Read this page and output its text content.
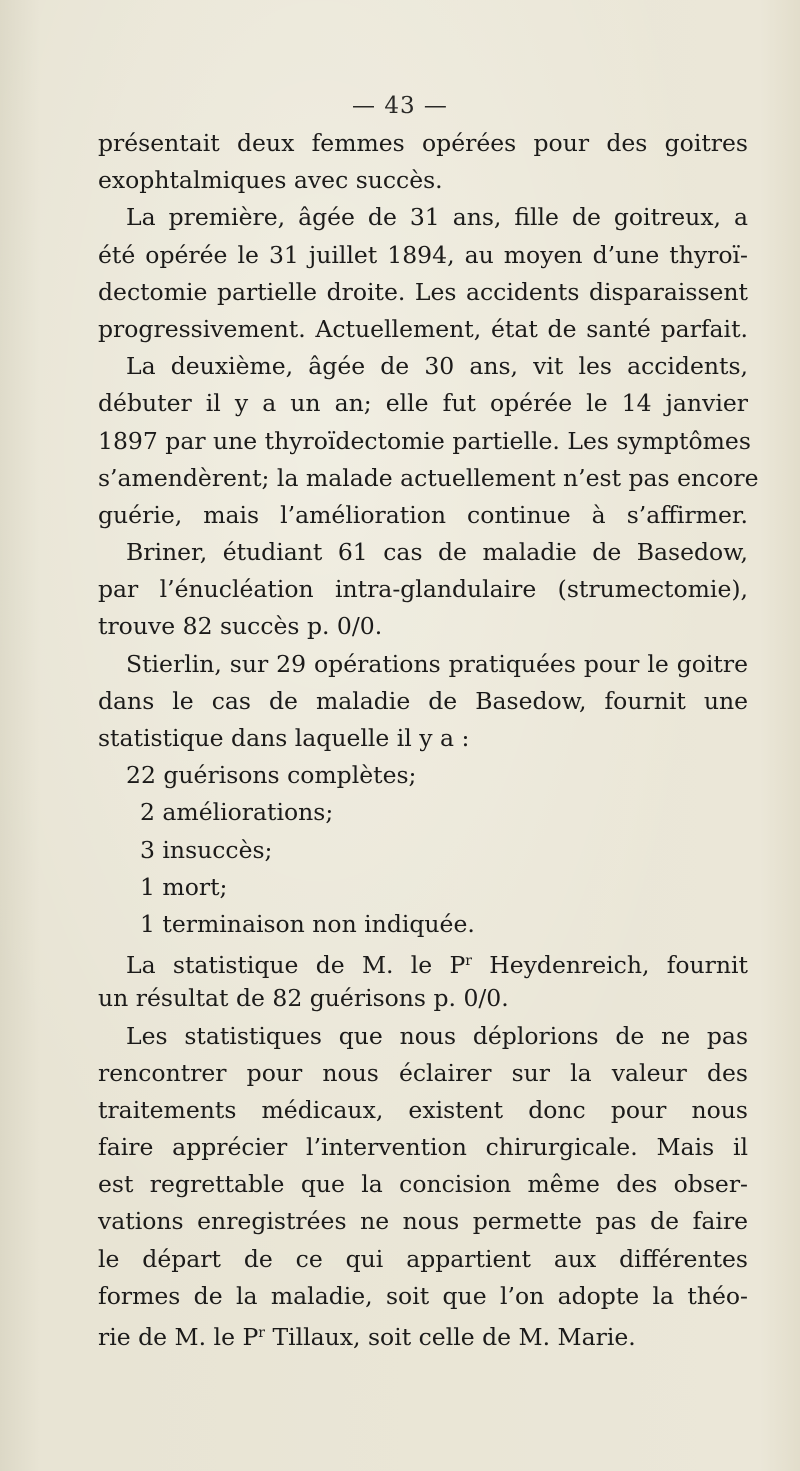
— 43 —
présentait deux femmes opérées pour des goitres
exophtalmiques avec succès.
La première, âgée de 31 ans, fille de goitreux, a
été opérée le 31 juillet 1894, au moyen d’une thyroï-
dectomie partielle droite. Les accidents disparaissent
progressivement. Actuellement, état de santé parfait.
La deuxième, âgée de 30 ans, vit les accidents,
débuter il y a un an; elle fut opérée le 14 janvier
1897 par une thyroïdectomie partielle. Les symptômes
s’amendèrent; la malade actuellement n’est pas encore
guérie, mais l’amélioration continue à s’affirmer.
Briner, étudiant 61 cas de maladie de Basedow,
par l’énucléation intra-glandulaire (strumectomie),
trouve 82 succès p. 0/0.
Stierlin, sur 29 opérations pratiquées pour le goitre
dans le cas de maladie de Basedow, fournit une
statistique dans laquelle il y a :
22 guérisons complètes;
2 améliorations;
3 insuccès;
1 mort;
1 terminaison non indiquée.
La statistique de M. le $P^r$ Heydenreich, fournit
un résultat de 82 guérisons p. 0/0.
Les statistiques que nous déplorions de ne pas
rencontrer pour nous éclairer sur la valeur des
traitements médicaux, existent donc pour nous
faire apprécier l’intervention chirurgicale. Mais il
est regrettable que la concision même des obser-
vations enregistrées ne nous permette pas de faire
le départ de ce qui appartient aux différentes
formes de la maladie, soit que l’on adopte la théo-
rie de M. le $P^r$ Tillaux, soit celle de M. Marie.
